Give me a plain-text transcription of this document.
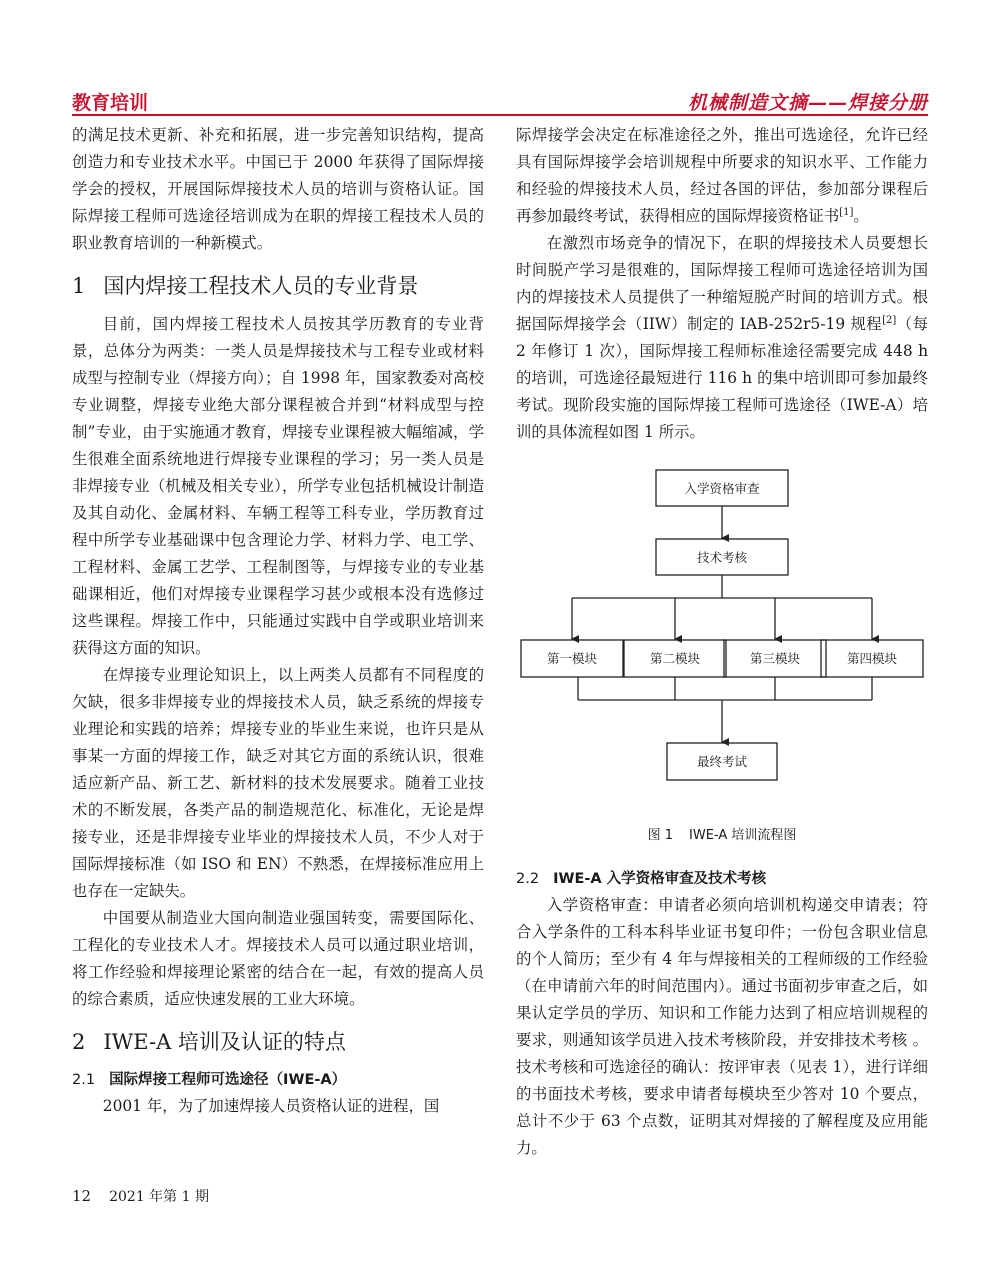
教育培训	机械制造文摘——焊接分册

的满足技术更新、补充和拓展，进一步完善知识结构，提高创造力和专业技术水平。中国已于 2000 年获得了国际焊接学会的授权，开展国际焊接技术人员的培训与资格认证。国际焊接工程师可选途径培训成为在职的焊接工程技术人员的职业教育培训的一种新模式。

1 国内焊接工程技术人员的专业背景

目前，国内焊接工程技术人员按其学历教育的专业背景，总体分为两类：一类人员是焊接技术与工程专业或材料成型与控制专业（焊接方向）；自 1998 年，国家教委对高校专业调整，焊接专业绝大部分课程被合并到“材料成型与控制”专业，由于实施通才教育，焊接专业课程被大幅缩减，学生很难全面系统地进行焊接专业课程的学习；另一类人员是非焊接专业（机械及相关专业），所学专业包括机械设计制造及其自动化、金属材料、车辆工程等工科专业，学历教育过程中所学专业基础课中包含理论力学、材料力学、电工学、工程材料、金属工艺学、工程制图等，与焊接专业的专业基础课相近，他们对焊接专业课程学习甚少或根本没有选修过这些课程。焊接工作中，只能通过实践中自学或职业培训来获得这方面的知识。

在焊接专业理论知识上，以上两类人员都有不同程度的欠缺，很多非焊接专业的焊接技术人员，缺乏系统的焊接专业理论和实践的培养；焊接专业的毕业生来说，也许只是从事某一方面的焊接工作，缺乏对其它方面的系统认识，很难适应新产品、新工艺、新材料的技术发展要求。随着工业技术的不断发展，各类产品的制造规范化、标准化，无论是焊接专业，还是非焊接专业毕业的焊接技术人员，不少人对于国际焊接标准（如 ISO 和 EN）不熟悉，在焊接标准应用上也存在一定缺失。

中国要从制造业大国向制造业强国转变，需要国际化、工程化的专业技术人才。焊接技术人员可以通过职业培训，将工作经验和焊接理论紧密的结合在一起，有效的提高人员的综合素质，适应快速发展的工业大环境。

2 IWE-A 培训及认证的特点
2.1 国际焊接工程师可选途径（IWE-A）

2001 年，为了加速焊接人员资格认证的进程，国

际焊接学会决定在标准途径之外，推出可选途径，允许已经具有国际焊接学会培训规程中所要求的知识水平、工作能力和经验的焊接技术人员，经过各国的评估，参加部分课程后再参加最终考试，获得相应的国际焊接资格证书[1]。

在激烈市场竞争的情况下，在职的焊接技术人员要想长时间脱产学习是很难的，国际焊接工程师可选途径培训为国内的焊接技术人员提供了一种缩短脱产时间的培训方式。根据国际焊接学会（IIW）制定的 IAB-252r5-19 规程[2]（每 2 年修订 1 次），国际焊接工程师标准途径需要完成 448 h 的培训，可选途径最短进行 116 h 的集中培训即可参加最终考试。现阶段实施的国际焊接工程师可选途径（IWE-A）培训的具体流程如图 1 所示。

入学资格审查
技术考核
第一模块	第二模块	第三模块	第四模块
最终考试
图 1 IWE-A 培训流程图
2.2 IWE-A 入学资格审查及技术考核

入学资格审查：申请者必须向培训机构递交申请表；符合入学条件的工科本科毕业证书复印件；一份包含职业信息的个人简历；至少有 4 年与焊接相关的工程师级的工作经验（在申请前六年的时间范围内）。通过书面初步审查之后，如果认定学员的学历、知识和工作能力达到了相应培训规程的要求，则通知该学员进入技术考核阶段，并安排技术考核 。技术考核和可选途径的确认：按评审表（见表 1），进行详细的书面技术考核，要求申请者每模块至少答对 10 个要点，总计不少于 63 个点数，证明其对焊接的了解程度及应用能力。

12 2021 年第 1 期
